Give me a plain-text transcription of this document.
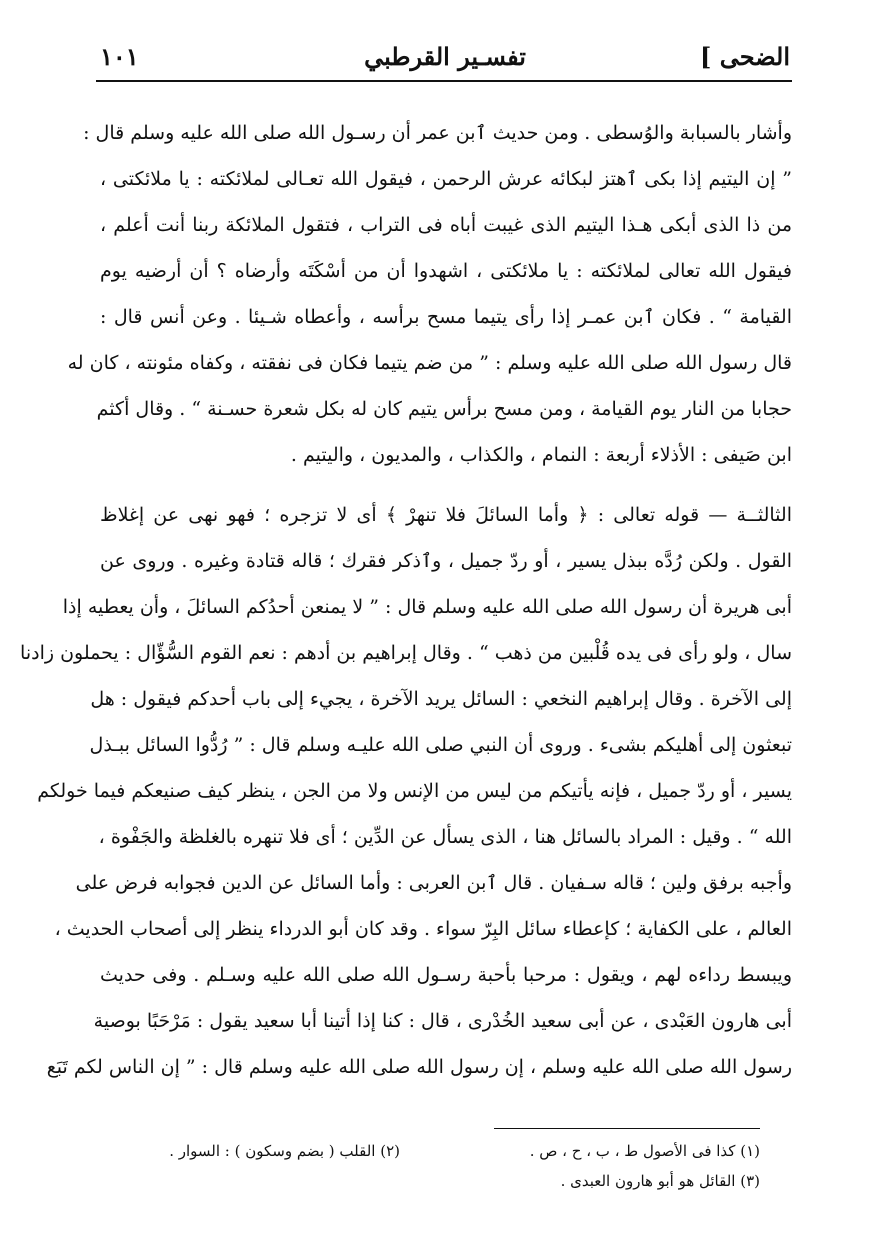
الضحى ]
تفسـير القرطبي
١٠١
وأشار بالسبابة والوُسطى . ومن حديث ٱبن عمر أن رسـول الله صلى الله عليه وسلم قال :
” إن اليتيم إذا بكى ٱهتز لبكائه عرش الرحمن ، فيقول الله تعـالى لملائكته : يا ملائكتى ،
من ذا الذى أبكى هـذا اليتيم الذى غيبت أباه فى التراب ، فتقول الملائكة ربنا أنت أعلم ،
فيقول الله تعالى لملائكته : يا ملائكتى ، اشهدوا أن من أسْكَتَه وأرضاه ؟ أن أرضيه يوم
القيامة “ . فكان ٱبن عمـر إذا رأى يتيما مسح برأسه ، وأعطاه شـيئا . وعن أنس قال :
قال رسول الله صلى الله عليه وسلم : ” من ضم يتيما فكان فى نفقته ، وكفاه مئونته ، كان له
حجابا من النار يوم القيامة ، ومن مسح برأس يتيم كان له بكل شعرة حسـنة “ . وقال أكثم
ابن صَيفى : الأذلاء أربعة : النمام ، والكذاب ، والمديون ، واليتيم .
الثالثــة — قوله تعالى : ﴿ وأما السائلَ فلا تنهرْ ﴾ أى لا تزجره ؛ فهو نهى عن إغلاظ
القول . ولكن رُدَّه ببذل يسير ، أو ردّ جميل ، وٱذكر فقرك ؛ قاله قتادة وغيره . وروى عن
أبى هريرة أن رسول الله صلى الله عليه وسلم قال : ” لا يمنعن أحدُكم السائلَ ، وأن يعطيه إذا
سال ، ولو رأى فى يده قُلْبين من ذهب “ . وقال إبراهيم بن أدهم : نعم القوم السُّؤّال : يحملون زادنا
إلى الآخرة . وقال إبراهيم النخعي : السائل يريد الآخرة ، يجيء إلى باب أحدكم فيقول : هل
تبعثون إلى أهليكم بشىء . وروى أن النبي صلى الله عليـه وسلم قال : ” رُدُّوا السائل ببـذل
يسير ، أو ردّ جميل ، فإنه يأتيكم من ليس من الإنس ولا من الجن ، ينظر كيف صنيعكم فيما خولكم
الله “ . وقيل : المراد بالسائل هنا ، الذى يسأل عن الدِّين ؛ أى فلا تنهره بالغلظة والجَفْوة ،
وأجبه برفق ولين ؛ قاله سـفيان . قال ٱبن العربى : وأما السائل عن الدين فجوابه فرض على
العالم ، على الكفاية ؛ كإعطاء سائل البِرّ سواء . وقد كان أبو الدرداء ينظر إلى أصحاب الحديث ،
ويبسط رداءه لهم ، ويقول : مرحبا بأحبة رسـول الله صلى الله عليه وسـلم . وفى حديث
أبى هارون العَبْدى ، عن أبى سعيد الخُدْرى ، قال : كنا إذا أتينا أبا سعيد يقول : مَرْحَبًا بوصية
رسول الله صلى الله عليه وسلم ، إن رسول الله صلى الله عليه وسلم قال : ” إن الناس لكم تَبَع
(١) كذا فى الأصول ط ، ب ، ح ، ص .
(٢) القلب ( بضم وسكون ) : السوار .
(٣) القائل هو أبو هارون العبدى .
